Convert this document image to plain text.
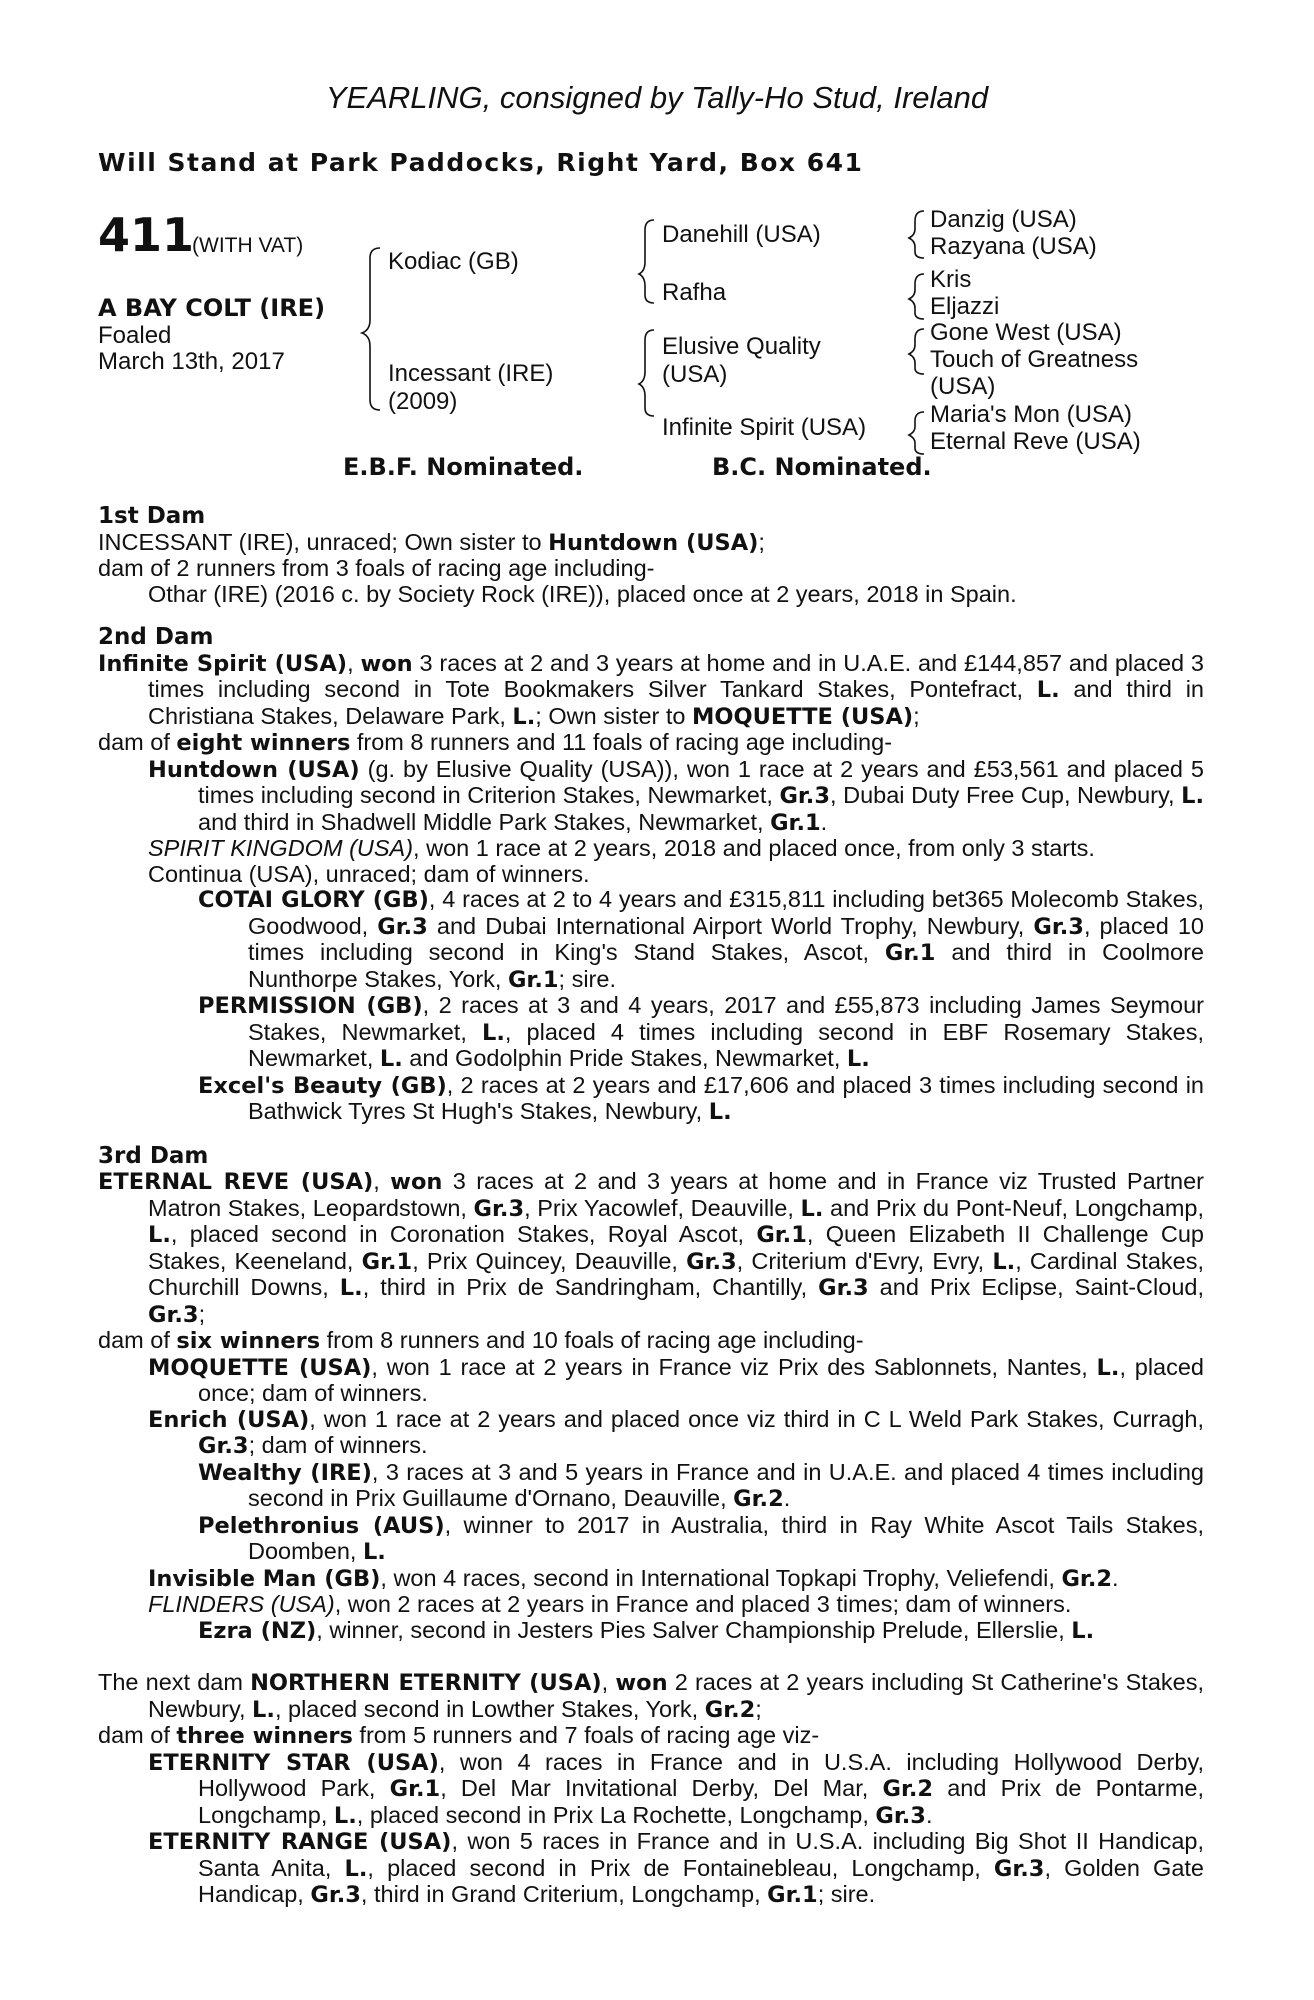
YEARLING, consigned by Tally-Ho Stud, Ireland
Will Stand at Park Paddocks, Right Yard, Box 641
411
(WITH VAT)
A BAY COLT (IRE)
Foaled
March 13th, 2017
Kodiac (GB)
Incessant (IRE)
(2009)
Danehill (USA)
Rafha
Elusive Quality
(USA)
Infinite Spirit (USA)
Danzig (USA)
Razyana (USA)
Kris
Eljazzi
Gone West (USA)
Touch of Greatness
(USA)
Maria's Mon (USA)
Eternal Reve (USA)
E.B.F. Nominated.	B.C. Nominated.
1st Dam
INCESSANT (IRE), unraced; Own sister to Huntdown (USA);
dam of 2 runners from 3 foals of racing age including-
Othar (IRE) (2016 c. by Society Rock (IRE)), placed once at 2 years, 2018 in Spain.
2nd Dam
Infinite Spirit (USA), won 3 races at 2 and 3 years at home and in U.A.E. and £144,857 and placed 3 times including second in Tote Bookmakers Silver Tankard Stakes, Pontefract, L. and third in Christiana Stakes, Delaware Park, L.; Own sister to MOQUETTE (USA);
dam of eight winners from 8 runners and 11 foals of racing age including-
Huntdown (USA) (g. by Elusive Quality (USA)), won 1 race at 2 years and £53,561 and placed 5 times including second in Criterion Stakes, Newmarket, Gr.3, Dubai Duty Free Cup, Newbury, L. and third in Shadwell Middle Park Stakes, Newmarket, Gr.1.
SPIRIT KINGDOM (USA), won 1 race at 2 years, 2018 and placed once, from only 3 starts.
Continua (USA), unraced; dam of winners.
COTAI GLORY (GB), 4 races at 2 to 4 years and £315,811 including bet365 Molecomb Stakes, Goodwood, Gr.3 and Dubai International Airport World Trophy, Newbury, Gr.3, placed 10 times including second in King's Stand Stakes, Ascot, Gr.1 and third in Coolmore Nunthorpe Stakes, York, Gr.1; sire.
PERMISSION (GB), 2 races at 3 and 4 years, 2017 and £55,873 including James Seymour Stakes, Newmarket, L., placed 4 times including second in EBF Rosemary Stakes, Newmarket, L. and Godolphin Pride Stakes, Newmarket, L.
Excel's Beauty (GB), 2 races at 2 years and £17,606 and placed 3 times including second in Bathwick Tyres St Hugh's Stakes, Newbury, L.
3rd Dam
ETERNAL REVE (USA), won 3 races at 2 and 3 years at home and in France viz Trusted Partner Matron Stakes, Leopardstown, Gr.3, Prix Yacowlef, Deauville, L. and Prix du Pont-Neuf, Longchamp, L., placed second in Coronation Stakes, Royal Ascot, Gr.1, Queen Elizabeth II Challenge Cup Stakes, Keeneland, Gr.1, Prix Quincey, Deauville, Gr.3, Criterium d'Evry, Evry, L., Cardinal Stakes, Churchill Downs, L., third in Prix de Sandringham, Chantilly, Gr.3 and Prix Eclipse, Saint-Cloud, Gr.3;
dam of six winners from 8 runners and 10 foals of racing age including-
MOQUETTE (USA), won 1 race at 2 years in France viz Prix des Sablonnets, Nantes, L., placed once; dam of winners.
Enrich (USA), won 1 race at 2 years and placed once viz third in C L Weld Park Stakes, Curragh, Gr.3; dam of winners.
Wealthy (IRE), 3 races at 3 and 5 years in France and in U.A.E. and placed 4 times including second in Prix Guillaume d'Ornano, Deauville, Gr.2.
Pelethronius (AUS), winner to 2017 in Australia, third in Ray White Ascot Tails Stakes, Doomben, L.
Invisible Man (GB), won 4 races, second in International Topkapi Trophy, Veliefendi, Gr.2.
FLINDERS (USA), won 2 races at 2 years in France and placed 3 times; dam of winners.
Ezra (NZ), winner, second in Jesters Pies Salver Championship Prelude, Ellerslie, L.
The next dam NORTHERN ETERNITY (USA), won 2 races at 2 years including St Catherine's Stakes, Newbury, L., placed second in Lowther Stakes, York, Gr.2;
dam of three winners from 5 runners and 7 foals of racing age viz-
ETERNITY STAR (USA), won 4 races in France and in U.S.A. including Hollywood Derby, Hollywood Park, Gr.1, Del Mar Invitational Derby, Del Mar, Gr.2 and Prix de Pontarme, Longchamp, L., placed second in Prix La Rochette, Longchamp, Gr.3.
ETERNITY RANGE (USA), won 5 races in France and in U.S.A. including Big Shot II Handicap, Santa Anita, L., placed second in Prix de Fontainebleau, Longchamp, Gr.3, Golden Gate Handicap, Gr.3, third in Grand Criterium, Longchamp, Gr.1; sire.
